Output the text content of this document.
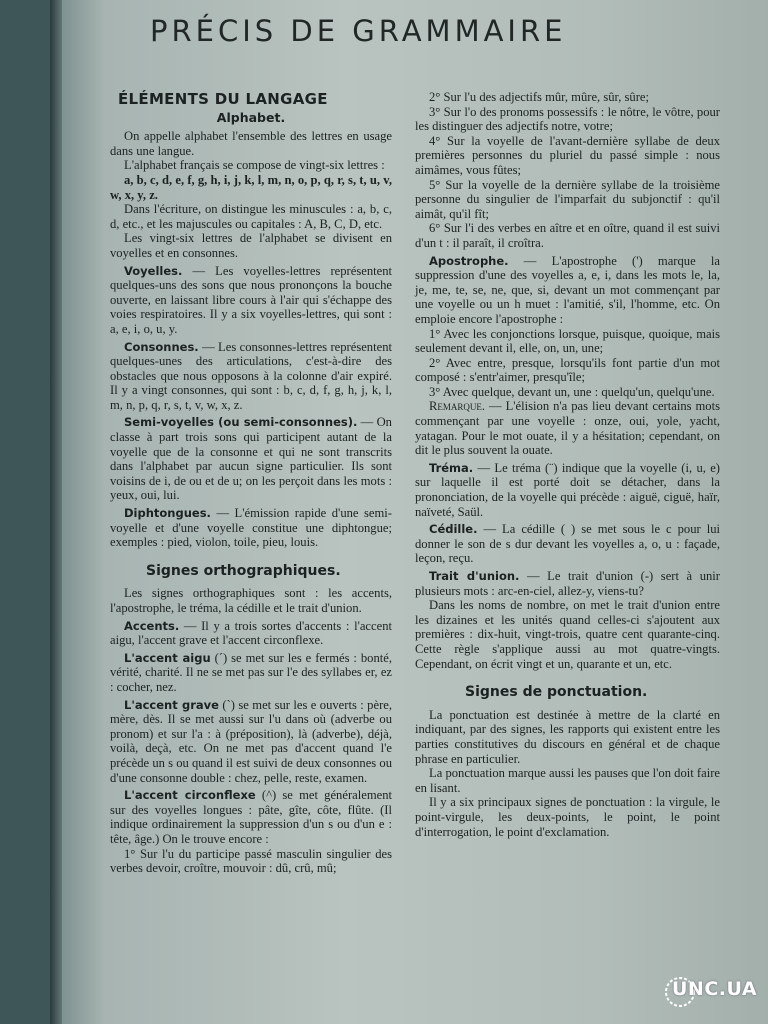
PRÉCIS DE GRAMMAIRE
ÉLÉMENTS DU LANGAGE
Alphabet.

On appelle alphabet l'ensemble des lettres en usage dans une langue.

L'alphabet français se compose de vingt-six lettres :

a, b, c, d, e, f, g, h, i, j, k, l, m, n, o, p, q, r, s, t, u, v, w, x, y, z.

Dans l'écriture, on distingue les minuscules : a, b, c, d, etc., et les majuscules ou capitales : A, B, C, D, etc.

Les vingt-six lettres de l'alphabet se divisent en voyelles et en consonnes.

Voyelles. — Les voyelles-lettres représentent quelques-uns des sons que nous prononçons la bouche ouverte, en laissant libre cours à l'air qui s'échappe des voies respiratoires. Il y a six voyelles-lettres, qui sont : a, e, i, o, u, y.

Consonnes. — Les consonnes-lettres représentent quelques-unes des articulations, c'est-à-dire des obstacles que nous opposons à la colonne d'air expiré. Il y a vingt consonnes, qui sont : b, c, d, f, g, h, j, k, l, m, n, p, q, r, s, t, v, w, x, z.

Semi-voyelles (ou semi-consonnes). — On classe à part trois sons qui participent autant de la voyelle que de la consonne et qui ne sont transcrits dans l'alphabet par aucun signe particulier. Ils sont voisins de i, de ou et de u; on les perçoit dans les mots : yeux, oui, lui.

Diphtongues. — L'émission rapide d'une semi-voyelle et d'une voyelle constitue une diphtongue; exemples : pied, violon, toile, pieu, louis.

Signes orthographiques.

Les signes orthographiques sont : les accents, l'apostrophe, le tréma, la cédille et le trait d'union.

Accents. — Il y a trois sortes d'accents : l'accent aigu, l'accent grave et l'accent circonflexe.

L'accent aigu (´) se met sur les e fermés : bonté, vérité, charité. Il ne se met pas sur l'e des syllabes er, ez : cocher, nez.

L'accent grave (`) se met sur les e ouverts : père, mère, dès. Il se met aussi sur l'u dans où (adverbe ou pronom) et sur l'a : à (préposition), là (adverbe), déjà, voilà, deçà, etc. On ne met pas d'accent quand l'e précède un s ou quand il est suivi de deux consonnes ou d'une consonne double : chez, pelle, reste, examen.

L'accent circonflexe (^) se met généralement sur des voyelles longues : pâte, gîte, côte, flûte. (Il indique ordinairement la suppression d'un s ou d'un e : tête, âge.) On le trouve encore :

1° Sur l'u du participe passé masculin singulier des verbes devoir, croître, mouvoir : dû, crû, mû;

2° Sur l'u des adjectifs mûr, mûre, sûr, sûre;

3° Sur l'o des pronoms possessifs : le nôtre, le vôtre, pour les distinguer des adjectifs notre, votre;

4° Sur la voyelle de l'avant-dernière syllabe de deux premières personnes du pluriel du passé simple : nous aimâmes, vous fûtes;

5° Sur la voyelle de la dernière syllabe de la troisième personne du singulier de l'imparfait du subjonctif : qu'il aimât, qu'il fît;

6° Sur l'i des verbes en aître et en oître, quand il est suivi d'un t : il paraît, il croîtra.

Apostrophe. — L'apostrophe (') marque la suppression d'une des voyelles a, e, i, dans les mots le, la, je, me, te, se, ne, que, si, devant un mot commençant par une voyelle ou un h muet : l'amitié, s'il, l'homme, etc. On emploie encore l'apostrophe :

1° Avec les conjonctions lorsque, puisque, quoique, mais seulement devant il, elle, on, un, une;

2° Avec entre, presque, lorsqu'ils font partie d'un mot composé : s'entr'aimer, presqu'île;

3° Avec quelque, devant un, une : quelqu'un, quelqu'une.

Remarque. — L'élision n'a pas lieu devant certains mots commençant par une voyelle : onze, oui, yole, yacht, yatagan. Pour le mot ouate, il y a hésitation; cependant, on dit le plus souvent la ouate.

Tréma. — Le tréma (¨) indique que la voyelle (i, u, e) sur laquelle il est porté doit se détacher, dans la prononciation, de la voyelle qui précède : aiguë, ciguë, haïr, naïveté, Saül.

Cédille. — La cédille ( ) se met sous le c pour lui donner le son de s dur devant les voyelles a, o, u : façade, leçon, reçu.

Trait d'union. — Le trait d'union (-) sert à unir plusieurs mots : arc-en-ciel, allez-y, viens-tu?

Dans les noms de nombre, on met le trait d'union entre les dizaines et les unités quand celles-ci s'ajoutent aux premières : dix-huit, vingt-trois, quatre cent quarante-cinq. Cette règle s'applique aussi au mot quatre-vingts. Cependant, on écrit vingt et un, quarante et un, etc.

Signes de ponctuation.

La ponctuation est destinée à mettre de la clarté en indiquant, par des signes, les rapports qui existent entre les parties constitutives du discours en général et de chaque phrase en particulier.

La ponctuation marque aussi les pauses que l'on doit faire en lisant.

Il y a six principaux signes de ponctuation : la virgule, le point-virgule, les deux-points, le point, le point d'interrogation, le point d'exclamation.

UNC.UA
